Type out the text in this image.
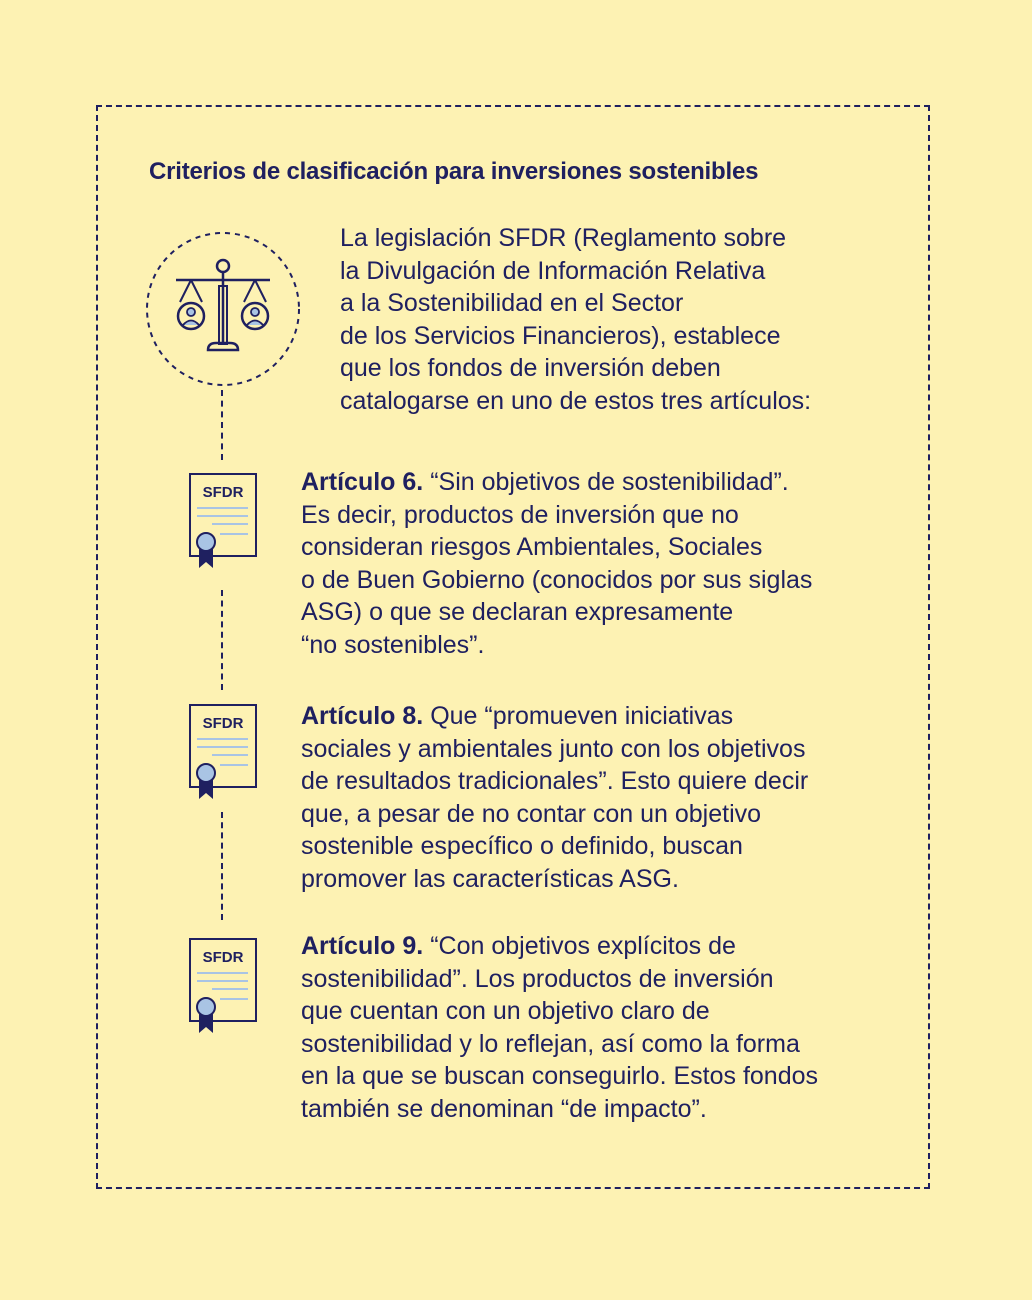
Criterios de clasificación para inversiones sostenibles
La legislación SFDR (Reglamento sobre
la Divulgación de Información Relativa
a la Sostenibilidad en el Sector
de los Servicios Financieros), establece
que los fondos de inversión deben
catalogarse en uno de estos tres artículos:
SFDR Artículo 6. “Sin objetivos de sostenibilidad”.
Es decir, productos de inversión que no
consideran riesgos Ambientales, Sociales
o de Buen Gobierno (conocidos por sus siglas
ASG) o que se declaran expresamente
“no sostenibles”.
SFDR Artículo 8. Que “promueven iniciativas
sociales y ambientales junto con los objetivos
de resultados tradicionales”. Esto quiere decir
que, a pesar de no contar con un objetivo
sostenible específico o definido, buscan
promover las características ASG.
SFDR Artículo 9. “Con objetivos explícitos de
sostenibilidad”. Los productos de inversión
que cuentan con un objetivo claro de
sostenibilidad y lo reflejan, así como la forma
en la que se buscan conseguirlo. Estos fondos
también se denominan “de impacto”.
